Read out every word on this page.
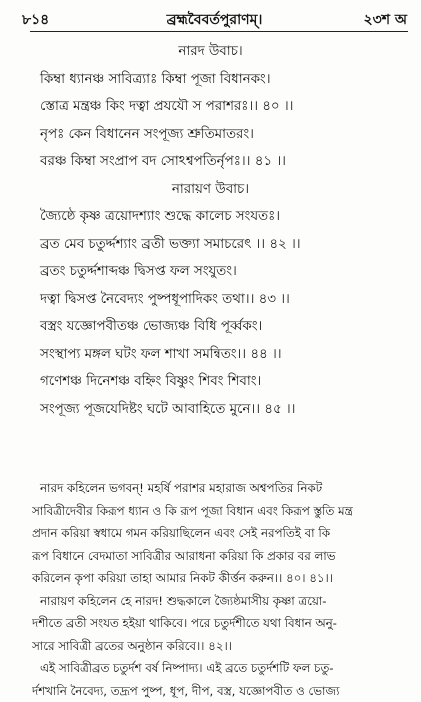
৮১৪	ব্রহ্মবৈবর্তপুরাণম্।	২৩শ অ
নারদ উবাচ।
কিম্বা ধ্যানঞ্চ সাবিত্র্যাঃ কিম্বা পূজা বিধানকং।
স্তোত্র মন্ত্রঞ্চ কিং দত্বা প্রযযৌ স পরাশরঃ।। ৪০ ।।
নৃপঃ কেন বিধানেন সংপূজ্য শ্রুতিমাতরং।
বরঞ্চ কিম্বা সংপ্রাপ বদ সোঽশ্বপতির্নৃপঃ।। ৪১ ।।
নারায়ণ উবাচ।
জ্যৈষ্ঠে কৃষ্ণ ত্রয়োদশ্যাং শুদ্ধে কালেচ সংযতঃ।
ব্রত মেব চতুর্দ্দশ্যাং ব্রতী ভক্ত্যা সমাচরেৎ ।। ৪২ ।।
ব্রতং চতুর্দ্দশাব্দঞ্চ দ্বিসপ্ত ফল সংযুতং।
দত্বা দ্বিসপ্ত নৈবেদ্যং পুষ্পধূপাদিকং তথা।। ৪৩ ।।
বস্ত্রং যজ্ঞোপবীতঞ্চ ভোজ্যঞ্চ বিধি পূর্ব্বকং।
সংস্থাপ্য মঙ্গল ঘটং ফল শাখা সমন্বিতং।। ৪৪ ।।
গণেশঞ্চ দিনেশঞ্চ বহ্নিং বিষ্ণুং শিবং শিবাং।
সংপূজ্য পূজযেদিষ্টং ঘটে আবাহিতে মুনে।। ৪৫ ।।
নারদ কহিলেন ভগবন্! মহর্ষি পরাশর মহারাজ অশ্বপতির নিকট
সাবিত্রীদেবীর কিরূপ ধ্যান ও কি রূপ পূজা বিধান এবং কিরূপ স্তুতি মন্ত্র
প্রদান করিয়া স্বধামে গমন করিয়াছিলেন এবং সেই নরপতিই বা কি
রূপ বিধানে বেদমাতা সাবিত্রীর আরাধনা করিয়া কি প্রকার বর লাভ
করিলেন কৃপা করিয়া তাহা আমার নিকট কীর্ত্তন করুন।। ৪০। ৪১।।
নারায়ণ কহিলেন হে নারদ! শুদ্ধকালে জ্যৈষ্ঠমাসীয় কৃষ্ণা ত্রয়ো-
দশীতে ব্রতী সংযত হইয়া থাকিবে। পরে চতুর্দশীতে যথা বিধান অনু-
সারে সাবিত্রী ব্রতের অনুষ্ঠান করিবে।। ৪২।।
এই সাবিত্রীব্রত চতুর্দশ বর্ষ নিষ্পাদ্য। এই ব্রতে চতুর্দশটি ফল চতু-
র্দশখানি নৈবেদ্য, তদ্রূপ পুষ্প, ধূপ, দীপ, বস্ত্র, যজ্ঞোপবীত ও ভোজ্য
